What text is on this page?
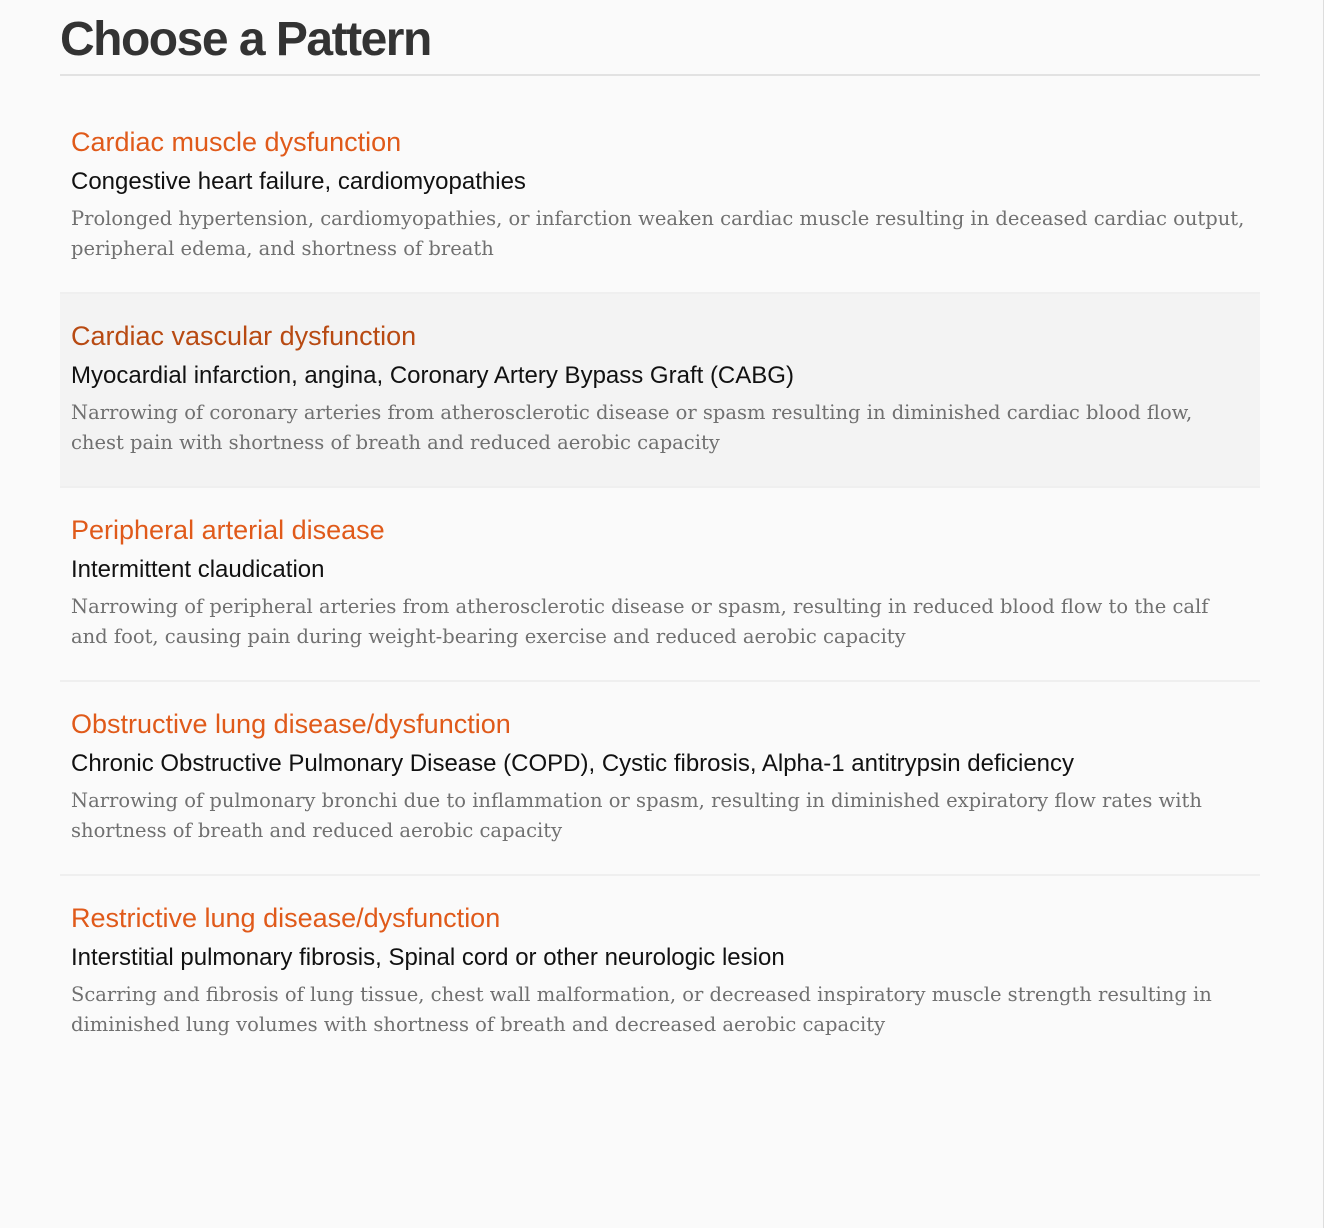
Choose a Pattern
Cardiac muscle dysfunction
Congestive heart failure, cardiomyopathies
Prolonged hypertension, cardiomyopathies, or infarction weaken cardiac muscle resulting in deceased cardiac output, peripheral edema, and shortness of breath
Cardiac vascular dysfunction
Myocardial infarction, angina, Coronary Artery Bypass Graft (CABG)
Narrowing of coronary arteries from atherosclerotic disease or spasm resulting in diminished cardiac blood flow, chest pain with shortness of breath and reduced aerobic capacity
Peripheral arterial disease
Intermittent claudication
Narrowing of peripheral arteries from atherosclerotic disease or spasm, resulting in reduced blood flow to the calf and foot, causing pain during weight-bearing exercise and reduced aerobic capacity
Obstructive lung disease/dysfunction
Chronic Obstructive Pulmonary Disease (COPD), Cystic fibrosis, Alpha-1 antitrypsin deficiency
Narrowing of pulmonary bronchi due to inflammation or spasm, resulting in diminished expiratory flow rates with shortness of breath and reduced aerobic capacity
Restrictive lung disease/dysfunction
Interstitial pulmonary fibrosis, Spinal cord or other neurologic lesion
Scarring and fibrosis of lung tissue, chest wall malformation, or decreased inspiratory muscle strength resulting in diminished lung volumes with shortness of breath and decreased aerobic capacity
